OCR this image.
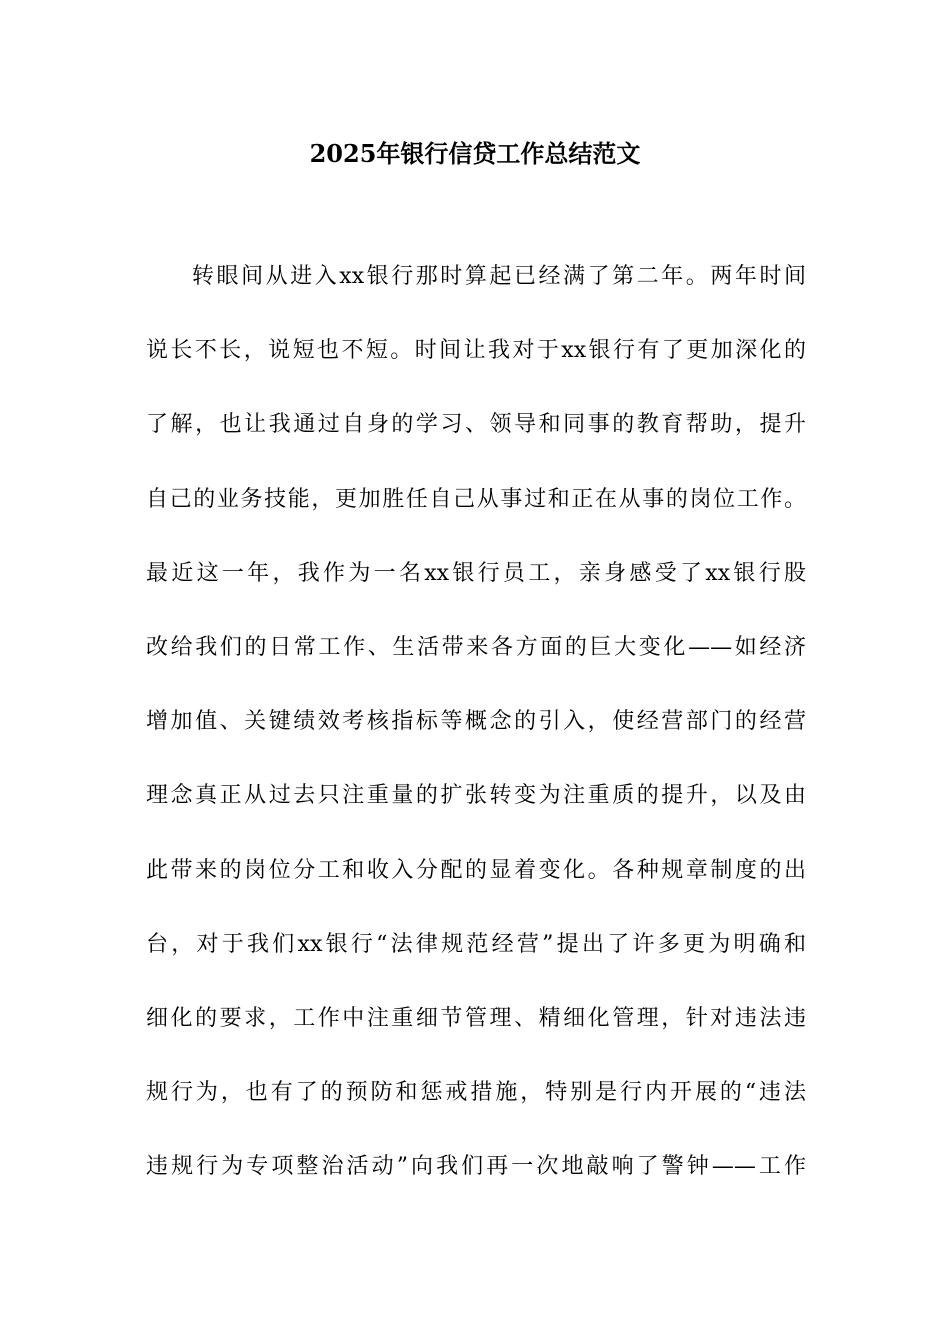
2025年银行信贷工作总结范文
转眼间从进入xx银行那时算起已经满了第二年。两年时间
说长不长，说短也不短。时间让我对于xx银行有了更加深化的
了解，也让我通过自身的学习、领导和同事的教育帮助，提升
自己的业务技能，更加胜任自己从事过和正在从事的岗位工作。
最近这一年，我作为一名xx银行员工，亲身感受了xx银行股
改给我们的日常工作、生活带来各方面的巨大变化——如经济
增加值、关键绩效考核指标等概念的引入，使经营部门的经营
理念真正从过去只注重量的扩张转变为注重质的提升，以及由
此带来的岗位分工和收入分配的显着变化。各种规章制度的出
台，对于我们xx银行“法律规范经营”提出了许多更为明确和
细化的要求，工作中注重细节管理、精细化管理，针对违法违
规行为，也有了的预防和惩戒措施，特别是行内开展的“违法
违规行为专项整治活动”向我们再一次地敲响了警钟——工作
